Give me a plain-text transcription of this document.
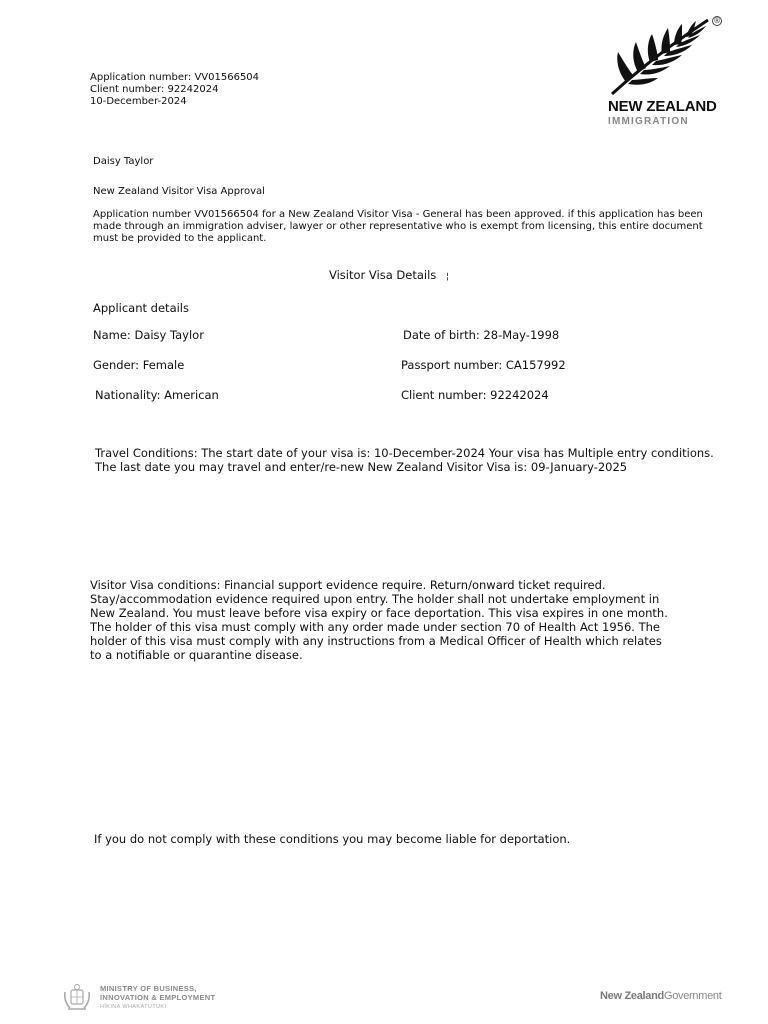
Application number: VV01566504
Client number: 92242024
10-December-2024
®
NEW ZEALAND
IMMIGRATION
Daisy Taylor
New Zealand Visitor Visa Approval
Application number VV01566504 for a New Zealand Visitor Visa - General has been approved. if this application has been made through an immigration adviser, lawyer or other representative who is exempt from licensing, this entire document must be provided to the applicant.
Visitor Visa Details ¦
Applicant details
Name: Daisy Taylor	Date of birth: 28-May-1998
Gender: Female	Passport number: CA157992
Nationality: American	Client number: 92242024
Travel Conditions: The start date of your visa is: 10-December-2024 Your visa has Multiple entry conditions.
The last date you may travel and enter/re-new New Zealand Visitor Visa is: 09-January-2025
Visitor Visa conditions: Financial support evidence require. Return/onward ticket required. Stay/accommodation evidence required upon entry. The holder shall not undertake employment in New Zealand. You must leave before visa expiry or face deportation. This visa expires in one month. The holder of this visa must comply with any order made under section 70 of Health Act 1956. The holder of this visa must comply with any instructions from a Medical Officer of Health which relates to a notifiable or quarantine disease.
If you do not comply with these conditions you may become liable for deportation.
MINISTRY OF BUSINESS,
INNOVATION & EMPLOYMENT
HĪKINA WHAKATUTUKI
New ZealandGovernment
